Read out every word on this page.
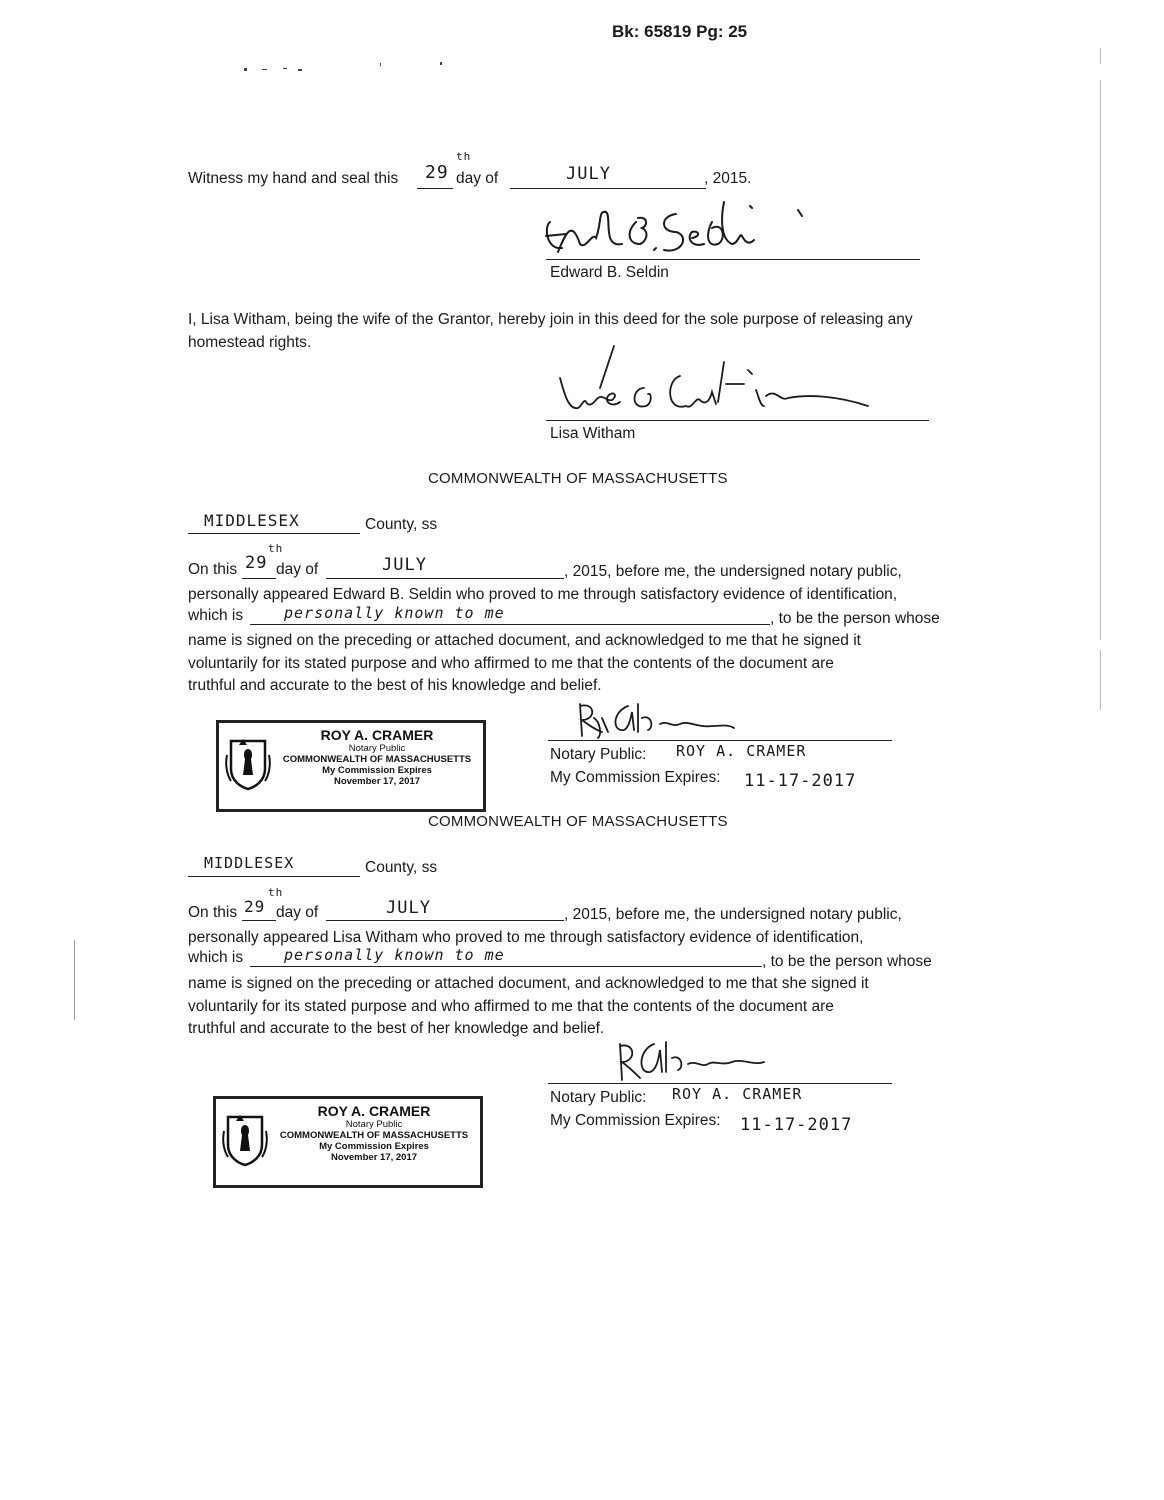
Bk: 65819 Pg: 25
Witness my hand and seal this 29
th
day of	JULY	, 2015.
Edward B. Seldin
I, Lisa Witham, being the wife of the Grantor, hereby join in this deed for the sole purpose of releasing any homestead rights.
Lisa Witham
COMMONWEALTH OF MASSACHUSETTS
MIDDLESEX	County, ss
On this 29
th
day of	JULY	, 2015, before me, the undersigned notary public,
personally appeared Edward B. Seldin who proved to me through satisfactory evidence of identification,
which is	personally known to me	, to be the person whose
name is signed on the preceding or attached document, and acknowledged to me that he signed it
voluntarily for its stated purpose and who affirmed to me that the contents of the document are
truthful and accurate to the best of his knowledge and belief.
Notary Public: ROY A. CRAMER
My Commission Expires: 11-17-2017
ROY A. CRAMER
Notary Public
COMMONWEALTH OF MASSACHUSETTS
My Commission Expires
November 17, 2017
COMMONWEALTH OF MASSACHUSETTS
MIDDLESEX	County, ss
On this 29
th
day of	JULY	, 2015, before me, the undersigned notary public,
personally appeared Lisa Witham who proved to me through satisfactory evidence of identification,
which is	personally known to me	, to be the person whose
name is signed on the preceding or attached document, and acknowledged to me that she signed it
voluntarily for its stated purpose and who affirmed to me that the contents of the document are
truthful and accurate to the best of her knowledge and belief.
Notary Public: ROY A. CRAMER
My Commission Expires: 11-17-2017
ROY A. CRAMER
Notary Public
COMMONWEALTH OF MASSACHUSETTS
My Commission Expires
November 17, 2017
